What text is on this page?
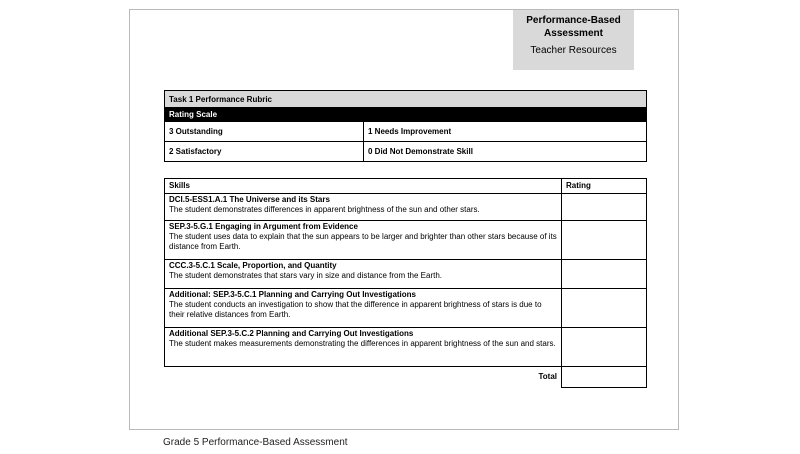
Performance-Based
Assessment
Teacher Resources
Task 1 Performance Rubric	
Rating Scale	
3 Outstanding	1 Needs Improvement
2 Satisfactory	0 Did Not Demonstrate Skill
Skills	Rating

DCI.5-ESS1.A.1 The Universe and its Stars
The student demonstrates differences in apparent brightness of the sun and other stars.	

SEP.3-5.G.1 Engaging in Argument from Evidence
The student uses data to explain that the sun appears to be larger and brighter than other stars because of its distance from Earth.	

CCC.3-5.C.1 Scale, Proportion, and Quantity
The student demonstrates that stars vary in size and distance from the Earth.	

Additional: SEP.3-5.C.1 Planning and Carrying Out Investigations
The student conducts an investigation to show that the difference in apparent brightness of stars is due to their relative distances from Earth.	

Additional SEP.3-5.C.2 Planning and Carrying Out Investigations
The student makes measurements demonstrating the differences in apparent brightness of the sun and stars.	
Total	
Grade 5 Performance-Based Assessment
